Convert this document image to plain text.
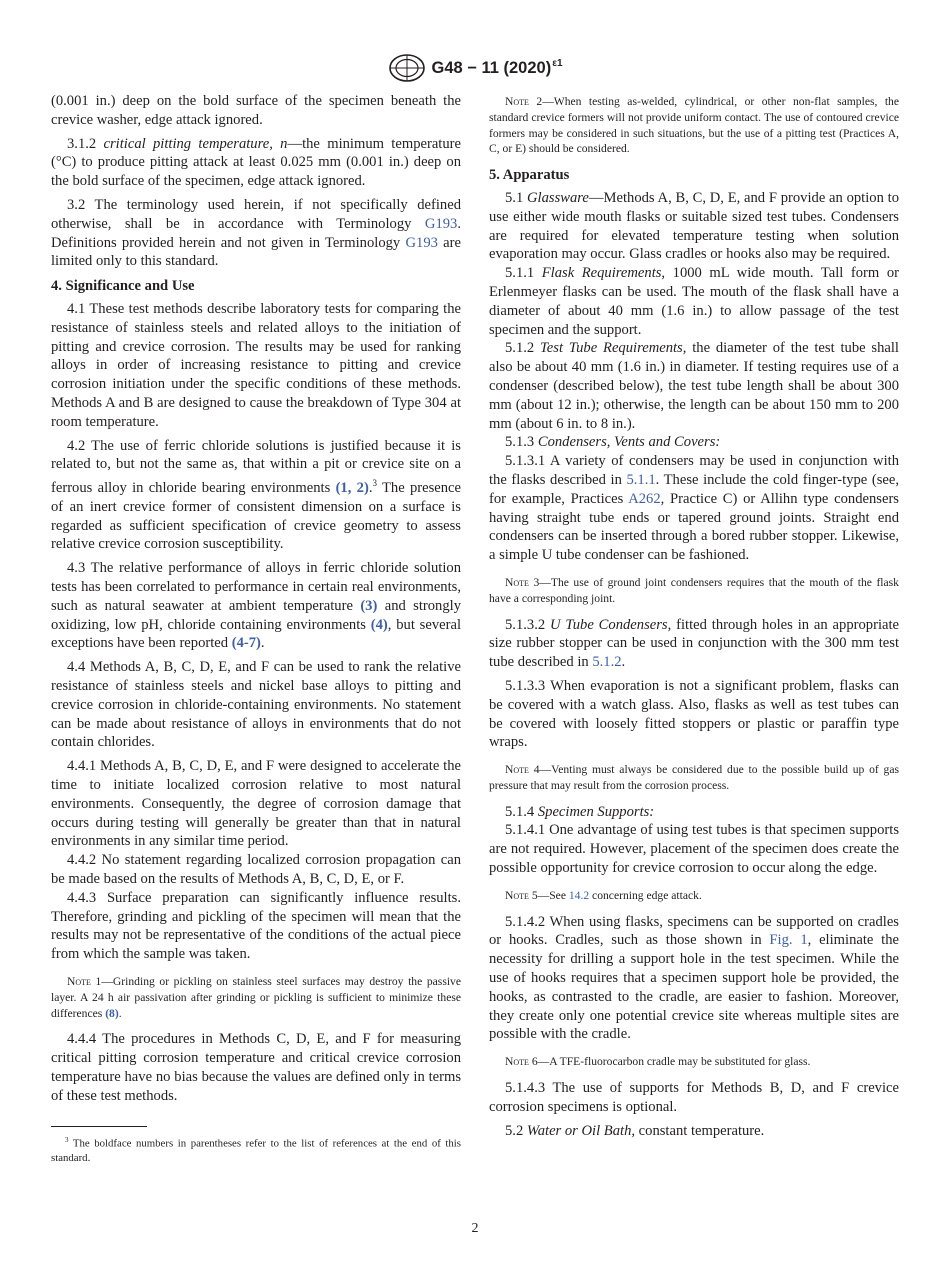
G48 − 11 $(2020)^{\varepsilon 1}$

(0.001 in.) deep on the bold surface of the specimen beneath the crevice washer, edge attack ignored.

3.1.2 critical pitting temperature, n—the minimum temperature (°C) to produce pitting attack at least 0.025 mm (0.001 in.) deep on the bold surface of the specimen, edge attack ignored.

3.2 The terminology used herein, if not specifically defined otherwise, shall be in accordance with Terminology G193. Definitions provided herein and not given in Terminology G193 are limited only to this standard.

4. Significance and Use

4.1 These test methods describe laboratory tests for comparing the resistance of stainless steels and related alloys to the initiation of pitting and crevice corrosion. The results may be used for ranking alloys in order of increasing resistance to pitting and crevice corrosion initiation under the specific conditions of these methods. Methods A and B are designed to cause the breakdown of Type 304 at room temperature.

4.2 The use of ferric chloride solutions is justified because it is related to, but not the same as, that within a pit or crevice site on a ferrous alloy in chloride bearing environments (1, 2).$^3$ The presence of an inert crevice former of consistent dimension on a surface is regarded as sufficient specification of crevice geometry to assess relative crevice corrosion susceptibility.

4.3 The relative performance of alloys in ferric chloride solution tests has been correlated to performance in certain real environments, such as natural seawater at ambient temperature (3) and strongly oxidizing, low pH, chloride containing environments (4), but several exceptions have been reported (4-7).

4.4 Methods A, B, C, D, E, and F can be used to rank the relative resistance of stainless steels and nickel base alloys to pitting and crevice corrosion in chloride-containing environments. No statement can be made about resistance of alloys in environments that do not contain chlorides.

4.4.1 Methods A, B, C, D, E, and F were designed to accelerate the time to initiate localized corrosion relative to most natural environments. Consequently, the degree of corrosion damage that occurs during testing will generally be greater than that in natural environments in any similar time period.

4.4.2 No statement regarding localized corrosion propagation can be made based on the results of Methods A, B, C, D, E, or F.

4.4.3 Surface preparation can significantly influence results. Therefore, grinding and pickling of the specimen will mean that the results may not be representative of the conditions of the actual piece from which the sample was taken.

Note 1—Grinding or pickling on stainless steel surfaces may destroy the passive layer. A 24 h air passivation after grinding or pickling is sufficient to minimize these differences (8).

4.4.4 The procedures in Methods C, D, E, and F for measuring critical pitting corrosion temperature and critical crevice corrosion temperature have no bias because the values are defined only in terms of these test methods.

$^3$ The boldface numbers in parentheses refer to the list of references at the end of this standard.

Note 2—When testing as-welded, cylindrical, or other non-flat samples, the standard crevice formers will not provide uniform contact. The use of contoured crevice formers may be considered in such situations, but the use of a pitting test (Practices A, C, or E) should be considered.

5. Apparatus

5.1 Glassware—Methods A, B, C, D, E, and F provide an option to use either wide mouth flasks or suitable sized test tubes. Condensers are required for elevated temperature testing when solution evaporation may occur. Glass cradles or hooks also may be required.

5.1.1 Flask Requirements, 1000 mL wide mouth. Tall form or Erlenmeyer flasks can be used. The mouth of the flask shall have a diameter of about 40 mm (1.6 in.) to allow passage of the test specimen and the support.

5.1.2 Test Tube Requirements, the diameter of the test tube shall also be about 40 mm (1.6 in.) in diameter. If testing requires use of a condenser (described below), the test tube length shall be about 300 mm (about 12 in.); otherwise, the length can be about 150 mm to 200 mm (about 6 in. to 8 in.).

5.1.3 Condensers, Vents and Covers:

5.1.3.1 A variety of condensers may be used in conjunction with the flasks described in 5.1.1. These include the cold finger-type (see, for example, Practices A262, Practice C) or Allihn type condensers having straight tube ends or tapered ground joints. Straight end condensers can be inserted through a bored rubber stopper. Likewise, a simple U tube condenser can be fashioned.

Note 3—The use of ground joint condensers requires that the mouth of the flask have a corresponding joint.

5.1.3.2 U Tube Condensers, fitted through holes in an appropriate size rubber stopper can be used in conjunction with the 300 mm test tube described in 5.1.2.

5.1.3.3 When evaporation is not a significant problem, flasks can be covered with a watch glass. Also, flasks as well as test tubes can be covered with loosely fitted stoppers or plastic or paraffin type wraps.

Note 4—Venting must always be considered due to the possible build up of gas pressure that may result from the corrosion process.

5.1.4 Specimen Supports:

5.1.4.1 One advantage of using test tubes is that specimen supports are not required. However, placement of the specimen does create the possible opportunity for crevice corrosion to occur along the edge.

Note 5—See 14.2 concerning edge attack.

5.1.4.2 When using flasks, specimens can be supported on cradles or hooks. Cradles, such as those shown in Fig. 1, eliminate the necessity for drilling a support hole in the test specimen. While the use of hooks requires that a specimen support hole be provided, the hooks, as contrasted to the cradle, are easier to fashion. Moreover, they create only one potential crevice site whereas multiple sites are possible with the cradle.

Note 6—A TFE-fluorocarbon cradle may be substituted for glass.

5.1.4.3 The use of supports for Methods B, D, and F crevice corrosion specimens is optional.

5.2 Water or Oil Bath, constant temperature.

2
